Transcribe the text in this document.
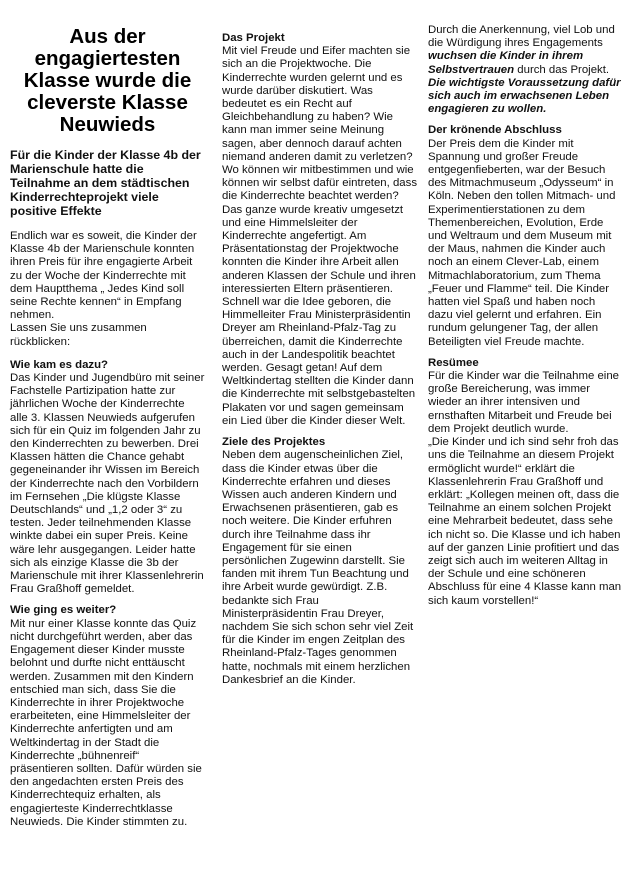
Aus der engagiertesten Klasse wurde die cleverste Klasse Neuwieds
Für die Kinder der Klasse 4b der Marienschule hatte die Teilnahme an dem städtischen Kinderrechteprojekt viele positive Effekte

Endlich war es soweit, die Kinder der Klasse 4b der Marienschule konnten ihren Preis für ihre engagierte Arbeit zu der Woche der Kinderrechte mit dem Hauptthema „ Jedes Kind soll seine Rechte kennen“ in Empfang nehmen.

Lassen Sie uns zusammen rückblicken:

Wie kam es dazu?

Das Kinder und Jugendbüro mit seiner Fachstelle Partizipation hatte zur jährlichen Woche der Kinderrechte alle 3. Klassen Neuwieds aufgerufen sich für ein Quiz im folgenden Jahr zu den Kinderrechten zu bewerben. Drei Klassen hätten die Chance gehabt gegeneinander ihr Wissen im Bereich der Kinderrechte nach den Vorbildern im Fernsehen „Die klügste Klasse Deutschlands“ und „1,2 oder 3“ zu testen. Jeder teilnehmenden Klasse winkte dabei ein super Preis. Keine wäre lehr ausgegangen. Leider hatte sich als einzige Klasse die 3b der Marienschule mit ihrer Klassenlehrerin Frau Graßhoff gemeldet.

Wie ging es weiter?

Mit nur einer Klasse konnte das Quiz nicht durchgeführt werden, aber das Engagement dieser Kinder musste belohnt und durfte nicht enttäuscht werden. Zusammen mit den Kindern entschied man sich, dass Sie die Kinderrechte in ihrer Projektwoche erarbeiteten, eine Himmelsleiter der Kinderrechte anfertigten und am Weltkindertag in der Stadt die Kinderrechte „bühnenreif“ präsentieren sollten. Dafür würden sie den angedachten ersten Preis des Kinderrechtequiz erhalten, als engagierteste Kinderrechtklasse Neuwieds. Die Kinder stimmten zu.

Das Projekt

Mit viel Freude und Eifer machten sie sich an die Projektwoche. Die Kinderrechte wurden gelernt und es wurde darüber diskutiert. Was bedeutet es ein Recht auf Gleichbehandlung zu haben? Wie kann man immer seine Meinung sagen, aber dennoch darauf achten niemand anderen damit zu verletzen? Wo können wir mitbestimmen und wie können wir selbst dafür eintreten, dass die Kinderrechte beachtet werden? Das ganze wurde kreativ umgesetzt und eine Himmelsleiter der Kinderrechte angefertigt. Am Präsentationstag der Projektwoche konnten die Kinder ihre Arbeit allen anderen Klassen der Schule und ihren interessierten Eltern präsentieren. Schnell war die Idee geboren, die Himmelleiter Frau Ministerpräsidentin Dreyer am Rheinland-Pfalz-Tag zu überreichen, damit die Kinderrechte auch in der Landespolitik beachtet werden. Gesagt getan! Auf dem Weltkindertag stellten die Kinder dann die Kinderrechte mit selbstgebastelten Plakaten vor und sagen gemeinsam ein Lied über die Kinder dieser Welt.

Ziele des Projektes

Neben dem augenscheinlichen Ziel, dass die Kinder etwas über die Kinderrechte erfahren und dieses Wissen auch anderen Kindern und Erwachsenen präsentieren, gab es noch weitere. Die Kinder erfuhren durch ihre Teilnahme dass ihr Engagement für sie einen persönlichen Zugewinn darstellt. Sie fanden mit ihrem Tun Beachtung und ihre Arbeit wurde gewürdigt. Z.B. bedankte sich Frau Ministerpräsidentin Frau Dreyer, nachdem Sie sich schon sehr viel Zeit für die Kinder im engen Zeitplan des Rheinland-Pfalz-Tages genommen hatte, nochmals mit einem herzlichen Dankesbrief an die Kinder.

Durch die Anerkennung, viel Lob und die Würdigung ihres Engagements wuchsen die Kinder in ihrem Selbstvertrauen durch das Projekt. Die wichtigste Voraussetzung dafür sich auch im erwachsenen Leben engagieren zu wollen.

Der krönende Abschluss

Der Preis dem die Kinder mit Spannung und großer Freude entgegenfieberten, war der Besuch des Mitmachmuseum „Odysseum“ in Köln. Neben den tollen Mitmach- und Experimentierstationen zu dem Themenbereichen, Evolution, Erde und Weltraum und dem Museum mit der Maus, nahmen die Kinder auch noch an einem Clever-Lab, einem Mitmachlaboratorium, zum Thema „Feuer und Flamme“ teil. Die Kinder hatten viel Spaß und haben noch dazu viel gelernt und erfahren. Ein rundum gelungener Tag, der allen Beteiligten viel Freude machte.

Resümee

Für die Kinder war die Teilnahme eine große Bereicherung, was immer wieder an ihrer intensiven und ernsthaften Mitarbeit und Freude bei dem Projekt deutlich wurde.

„Die Kinder und ich sind sehr froh das uns die Teilnahme an diesem Projekt ermöglicht wurde!“ erklärt die Klassenlehrerin Frau Graßhoff und erklärt: „Kollegen meinen oft, dass die Teilnahme an einem solchen Projekt eine Mehrarbeit bedeutet, dass sehe ich nicht so. Die Klasse und ich haben auf der ganzen Linie profitiert und das zeigt sich auch im weiteren Alltag in der Schule und eine schöneren Abschluss für eine 4 Klasse kann man sich kaum vorstellen!“
